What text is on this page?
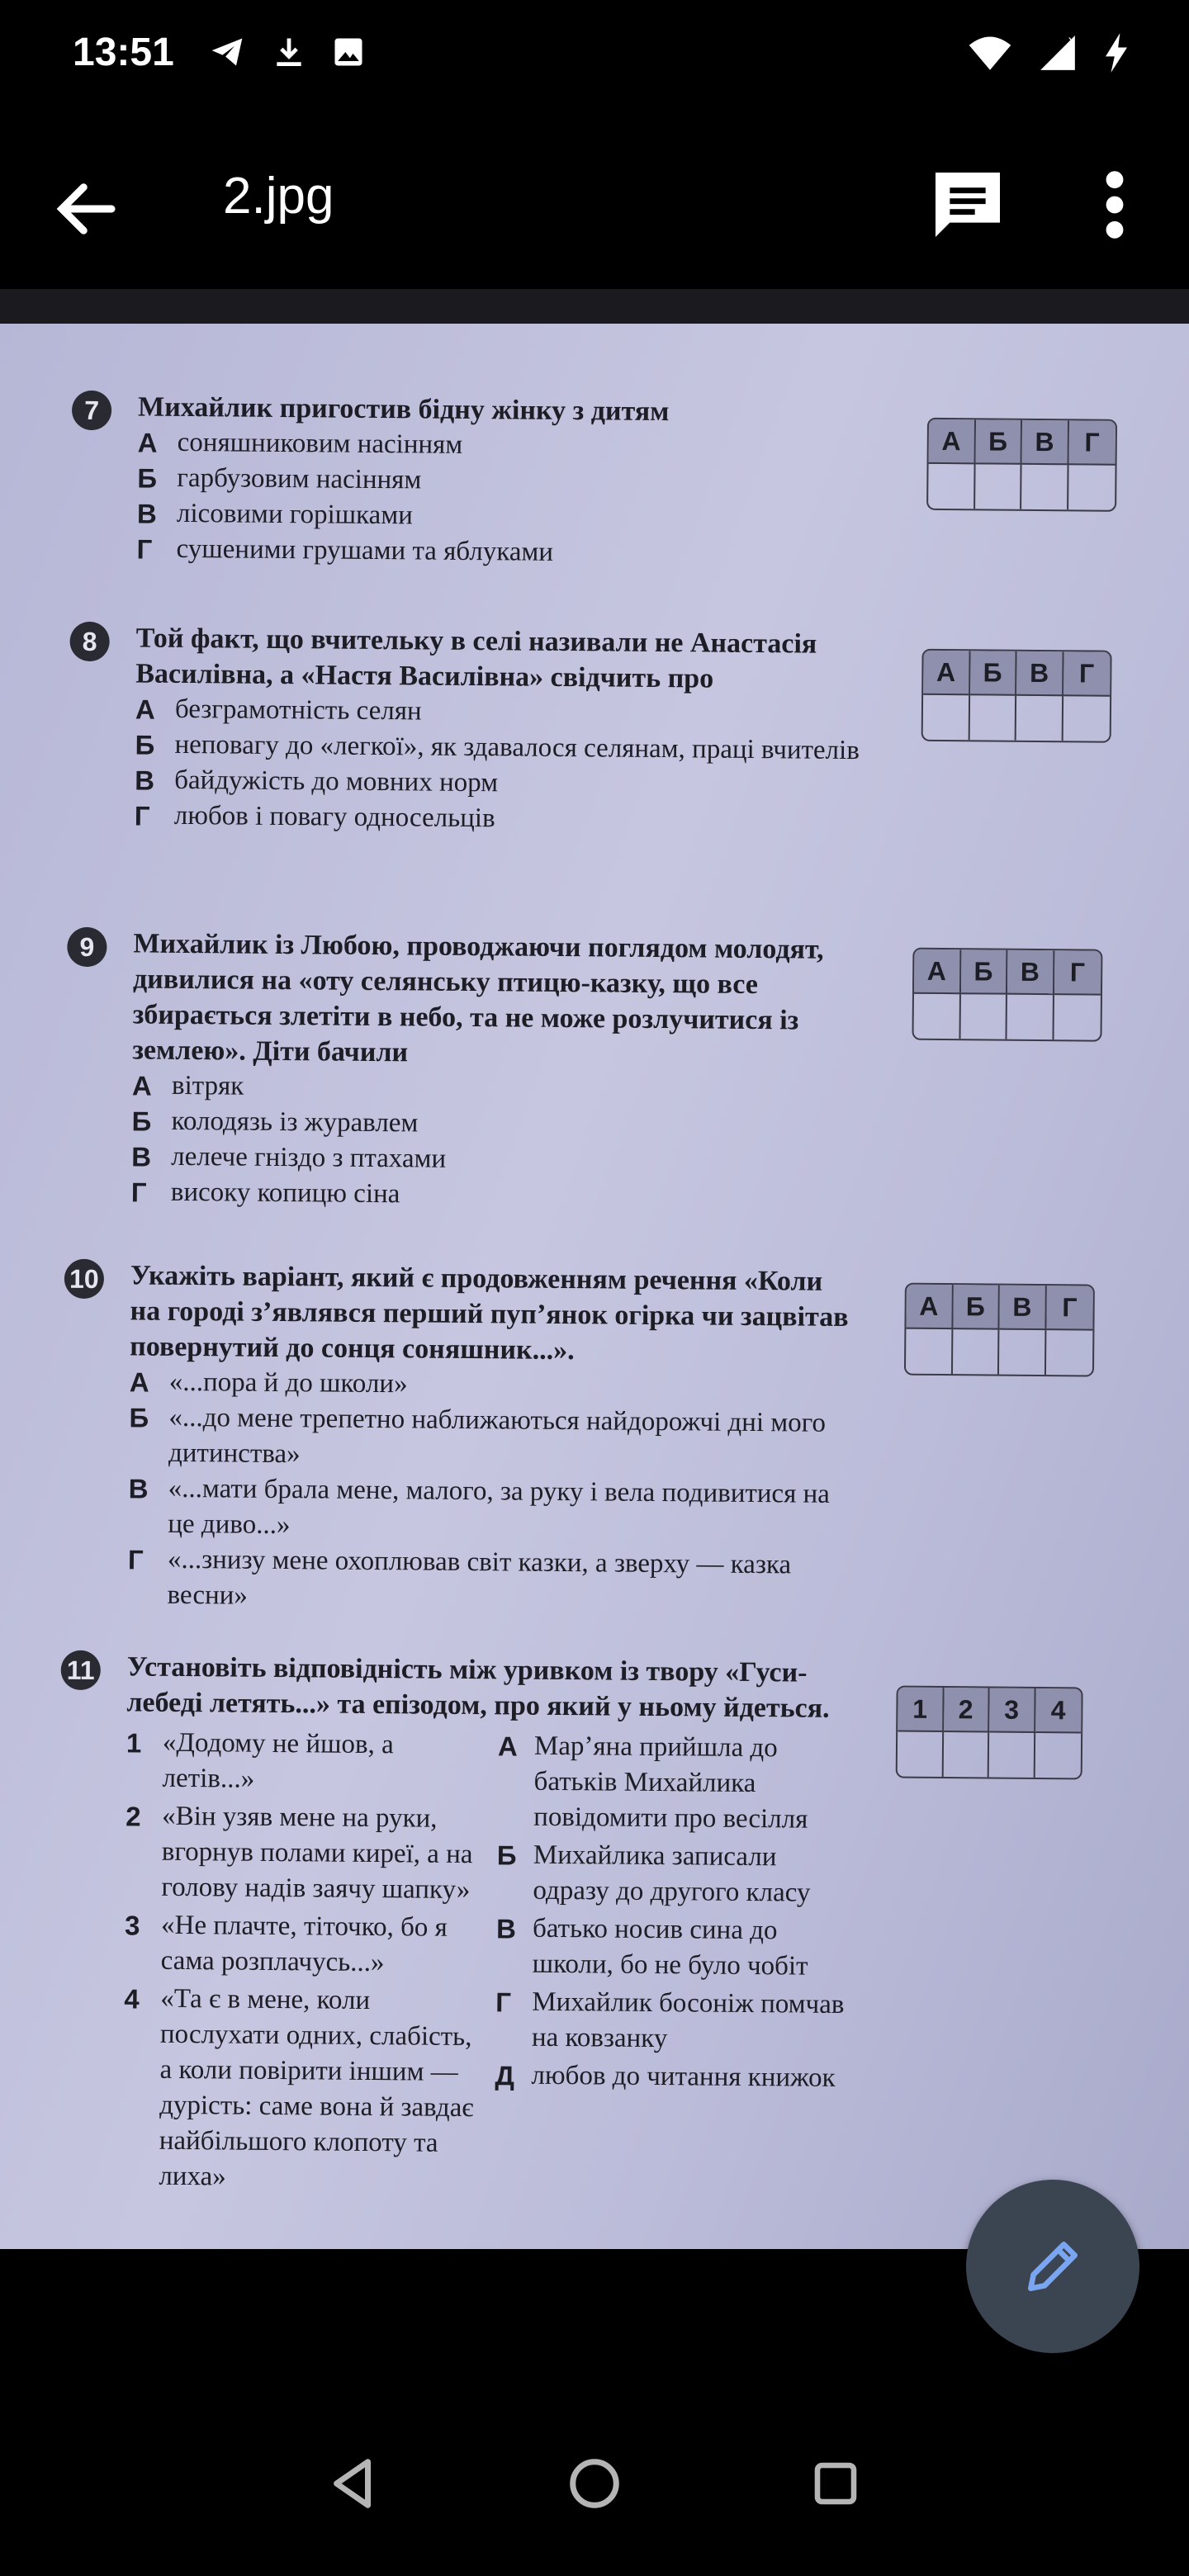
13:51	x
2.jpg
7	Михайлик пригостив бідну жінку з дитям
А соняшниковим насінням
Б гарбузовим насінням
В лісовими горішками
Г сушеними грушами та яблуками
А	Б	В	Г
8	Той факт, що вчительку в селі називали не Анастасія Василівна, а «Настя Василівна» свідчить про
А безграмотність селян
Б неповагу до «легкої», як здавалося селянам, праці вчителів
В байдужість до мовних норм
Г любов і повагу односельців
А	Б	В	Г
9	Михайлик із Любою, проводжаючи поглядом молодят, дивилися на «оту селянську птицю-казку, що все збирається злетіти в небо, та не може розлучитися із землею». Діти бачили
А вітряк
Б колодязь із журавлем
В лелече гніздо з птахами
Г високу копицю сіна
А	Б	В	Г
10 Укажіть варіант, який є продовженням речення «Коли на городі з’являвся перший пуп’янок огірка чи зацвітав повернутий до сонця соняшник...».
А «...пора й до школи»
Б «...до мене трепетно наближаються найдорожчі дні мого дитинства»
В «...мати брала мене, малого, за руку і вела подивитися на це диво...»
Г «...знизу мене охоплював світ казки, а зверху — казка весни»
А	Б	В	Г
11 Установіть відповідність між уривком із твору «Гуси-лебеді летять...» та епізодом, про який у ньому йдеться.
1 «Додому не йшов, а летів...»
2 «Він узяв мене на руки, вгорнув полами киреї, а на голову надів заячу шапку»
3 «Не плачте, тіточко, бо я сама розплачусь...»
4 «Та є в мене, коли послухати одних, слабість, а коли повірити іншим — дурість: саме вона й завдає найбільшого клопоту та лиха»
А Мар’яна прийшла до батьків Михайлика повідомити про весілля
Б Михайлика записали одразу до другого класу
В батько носив сина до школи, бо не було чобіт
Г Михайлик босоніж помчав на ковзанку
Д любов до читання книжок
1	2	3	4
